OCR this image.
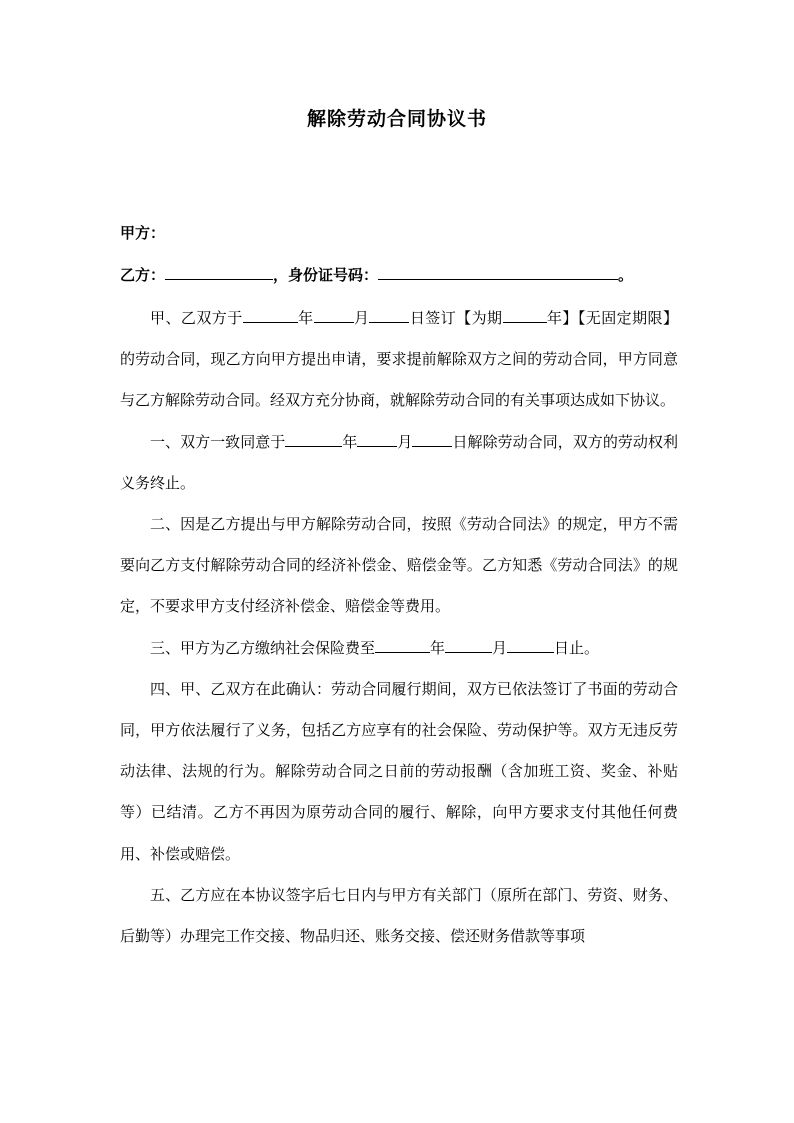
解除劳动合同协议书
甲方：
乙方：	，身份证号码：	。

甲、乙双方于	年	月	日签订【为期	年】【无固定期限】的劳动合同，现乙方向甲方提出申请，要求提前解除双方之间的劳动合同，甲方同意与乙方解除劳动合同。经双方充分协商，就解除劳动合同的有关事项达成如下协议。

一、双方一致同意于	年	月	日解除劳动合同，双方的劳动权利义务终止。

二、因是乙方提出与甲方解除劳动合同，按照《劳动合同法》的规定，甲方不需要向乙方支付解除劳动合同的经济补偿金、赔偿金等。乙方知悉《劳动合同法》的规定，不要求甲方支付经济补偿金、赔偿金等费用。

三、甲方为乙方缴纳社会保险费至	年	月	日止。

四、甲、乙双方在此确认：劳动合同履行期间，双方已依法签订了书面的劳动合同，甲方依法履行了义务，包括乙方应享有的社会保险、劳动保护等。双方无违反劳动法律、法规的行为。解除劳动合同之日前的劳动报酬（含加班工资、奖金、补贴等）已结清。乙方不再因为原劳动合同的履行、解除，向甲方要求支付其他任何费用、补偿或赔偿。

五、乙方应在本协议签字后七日内与甲方有关部门（原所在部门、劳资、财务、后勤等）办理完工作交接、物品归还、账务交接、偿还财务借款等事项
